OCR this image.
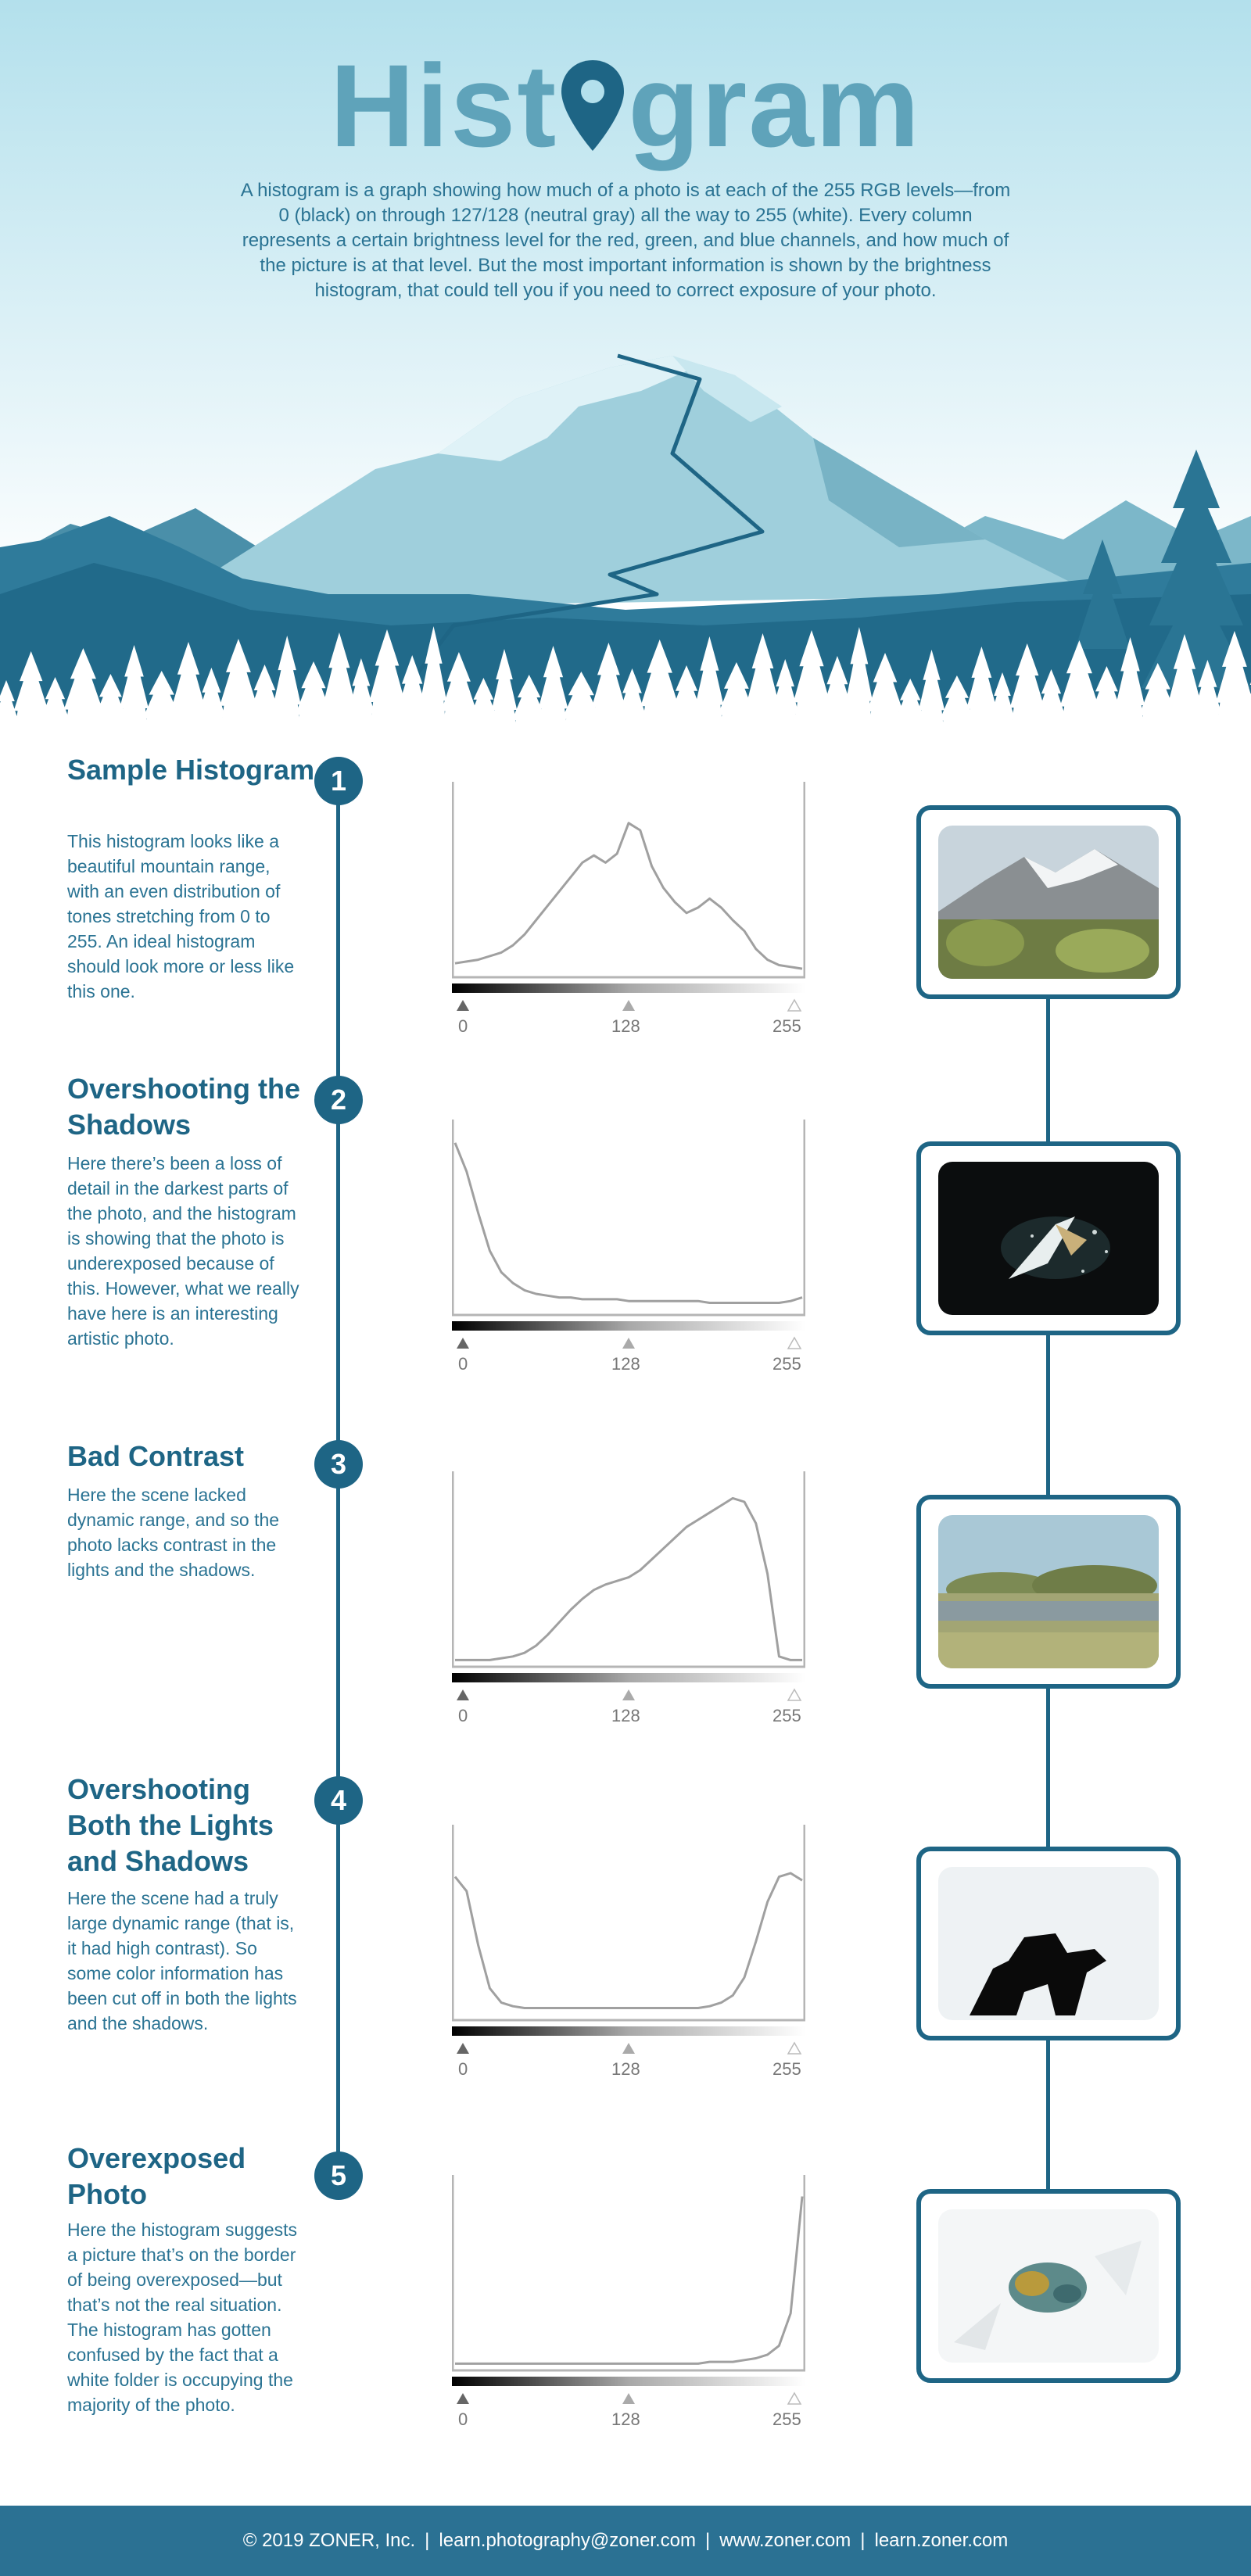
Hist gram
A histogram is a graph showing how much of a photo is at each of the 255 RGB levels—from 0 (black) on through 127/128 (neutral gray) all the way to 255 (white). Every column represents a certain brightness level for the red, green, and blue channels, and how much of the picture is at that level. But the most important information is shown by the brightness histogram, that could tell you if you need to correct exposure of your photo.
1
Sample Histogram
This histogram looks like a beautiful mountain range, with an even distribution of tones stretching from 0 to 255. An ideal histogram should look more or less like this one.
0	128	255
2
Overshooting the Shadows
Here there’s been a loss of detail in the darkest parts of the photo, and the histogram is showing that the photo is underexposed because of this. However, what we really have here is an interesting artistic photo.
0	128	255
3
Bad Contrast
Here the scene lacked dynamic range, and so the photo lacks contrast in the lights and the shadows.
0	128	255
4
Overshooting Both the Lights and Shadows
Here the scene had a truly large dynamic range (that is, it had high contrast). So some color information has been cut off in both the lights and the shadows.
0	128	255
5
Overexposed Photo
Here the histogram suggests a picture that’s on the border of being overexposed—but that’s not the real situation. The histogram has gotten confused by the fact that a white folder is occupying the majority of the photo.
0	128	255
© 2019 ZONER, Inc. | learn.photography@zoner.com | www.zoner.com | learn.zoner.com
